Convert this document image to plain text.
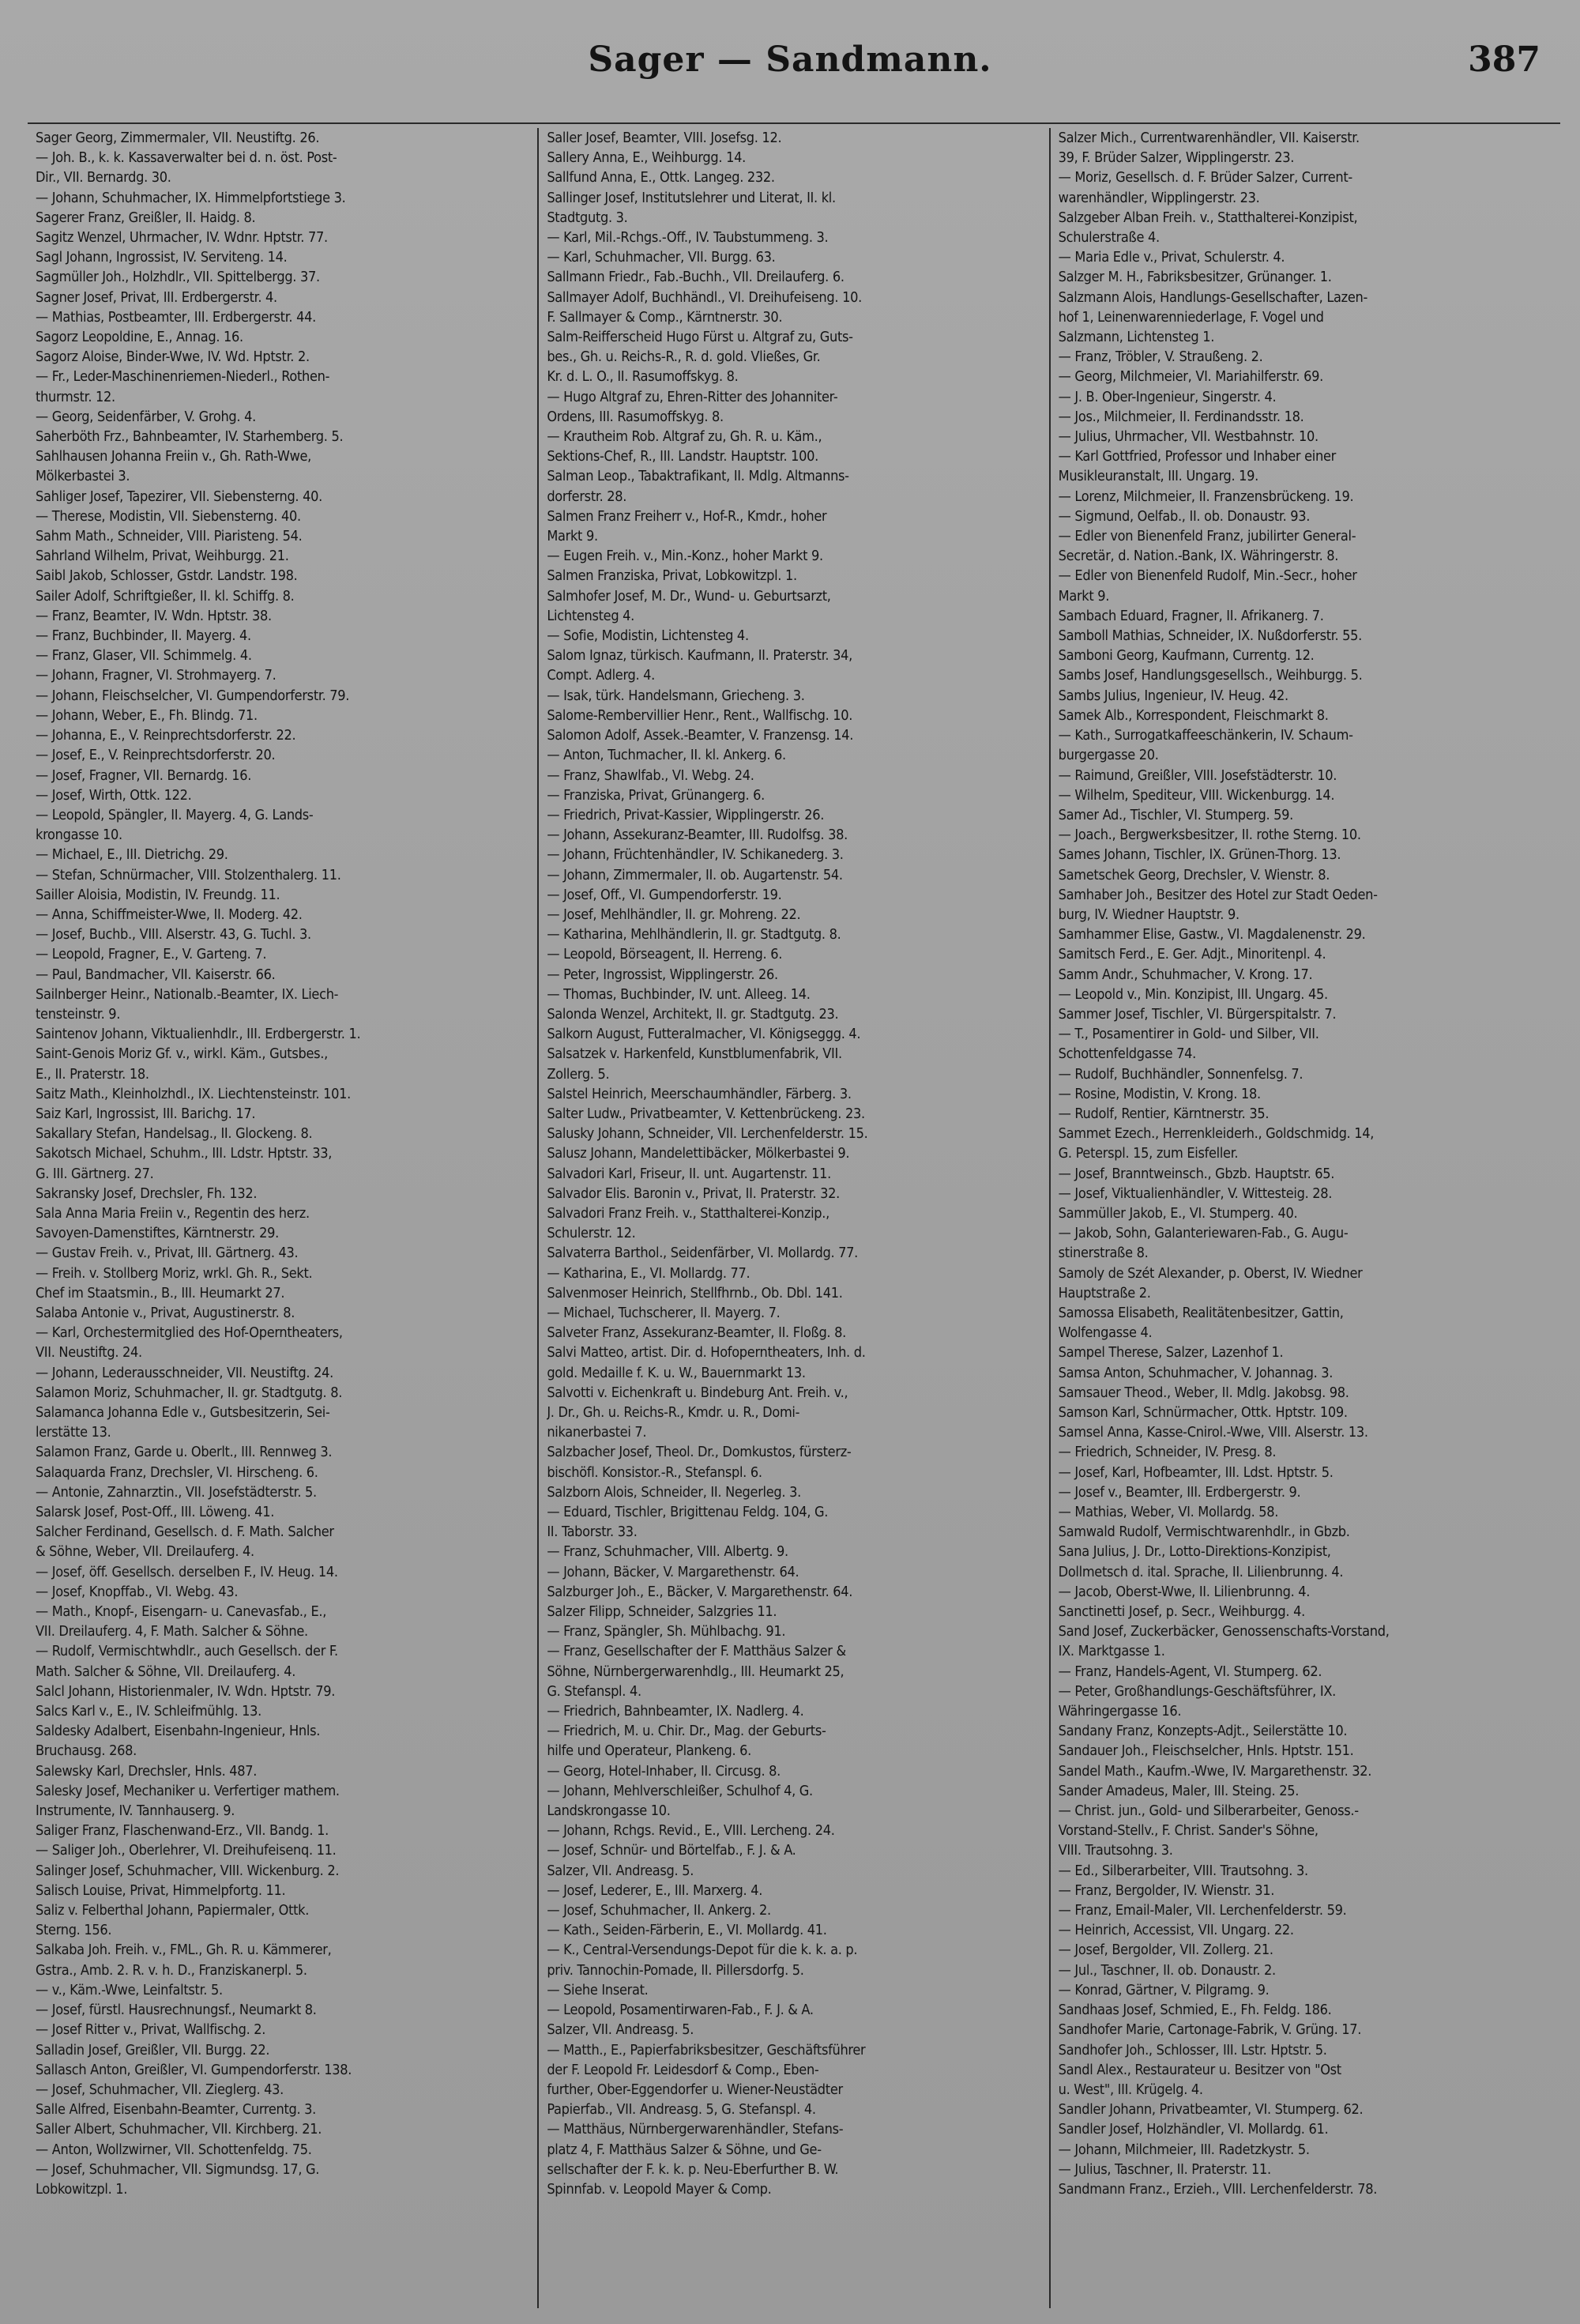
Sager — Sandmann.	387
Sager Georg, Zimmermaler, VII. Neustiftg. 26.
— Joh. B., k. k. Kassaverwalter bei d. n. öst. Post-
Dir., VII. Bernardg. 30.
— Johann, Schuhmacher, IX. Himmelpfortstiege 3.
Sagerer Franz, Greißler, II. Haidg. 8.
Sagitz Wenzel, Uhrmacher, IV. Wdnr. Hptstr. 77.
Sagl Johann, Ingrossist, IV. Serviteng. 14.
Sagmüller Joh., Holzhdlr., VII. Spittelbergg. 37.
Sagner Josef, Privat, III. Erdbergerstr. 4.
— Mathias, Postbeamter, III. Erdbergerstr. 44.
Sagorz Leopoldine, E., Annag. 16.
Sagorz Aloise, Binder-Wwe, IV. Wd. Hptstr. 2.
— Fr., Leder-Maschinenriemen-Niederl., Rothen-
thurmstr. 12.
— Georg, Seidenfärber, V. Grohg. 4.
Saherböth Frz., Bahnbeamter, IV. Starhemberg. 5.
Sahlhausen Johanna Freiin v., Gh. Rath-Wwe,
Mölkerbastei 3.
Sahliger Josef, Tapezirer, VII. Siebensterng. 40.
— Therese, Modistin, VII. Siebensterng. 40.
Sahm Math., Schneider, VIII. Piaristeng. 54.
Sahrland Wilhelm, Privat, Weihburgg. 21.
Saibl Jakob, Schlosser, Gstdr. Landstr. 198.
Sailer Adolf, Schriftgießer, II. kl. Schiffg. 8.
— Franz, Beamter, IV. Wdn. Hptstr. 38.
— Franz, Buchbinder, II. Mayerg. 4.
— Franz, Glaser, VII. Schimmelg. 4.
— Johann, Fragner, VI. Strohmayerg. 7.
— Johann, Fleischselcher, VI. Gumpendorferstr. 79.
— Johann, Weber, E., Fh. Blindg. 71.
— Johanna, E., V. Reinprechtsdorferstr. 22.
— Josef, E., V. Reinprechtsdorferstr. 20.
— Josef, Fragner, VII. Bernardg. 16.
— Josef, Wirth, Ottk. 122.
— Leopold, Spängler, II. Mayerg. 4, G. Lands-
krongasse 10.
— Michael, E., III. Dietrichg. 29.
— Stefan, Schnürmacher, VIII. Stolzenthalerg. 11.
Sailler Aloisia, Modistin, IV. Freundg. 11.
— Anna, Schiffmeister-Wwe, II. Moderg. 42.
— Josef, Buchb., VIII. Alserstr. 43, G. Tuchl. 3.
— Leopold, Fragner, E., V. Garteng. 7.
— Paul, Bandmacher, VII. Kaiserstr. 66.
Sailnberger Heinr., Nationalb.-Beamter, IX. Liech-
tensteinstr. 9.
Saintenov Johann, Viktualienhdlr., III. Erdbergerstr. 1.
Saint-Genois Moriz Gf. v., wirkl. Käm., Gutsbes.,
E., II. Praterstr. 18.
Saitz Math., Kleinholzhdl., IX. Liechtensteinstr. 101.
Saiz Karl, Ingrossist, III. Barichg. 17.
Sakallary Stefan, Handelsag., II. Glockeng. 8.
Sakotsch Michael, Schuhm., III. Ldstr. Hptstr. 33,
G. III. Gärtnerg. 27.
Sakransky Josef, Drechsler, Fh. 132.
Sala Anna Maria Freiin v., Regentin des herz.
Savoyen-Damenstiftes, Kärntnerstr. 29.
— Gustav Freih. v., Privat, III. Gärtnerg. 43.
— Freih. v. Stollberg Moriz, wrkl. Gh. R., Sekt.
Chef im Staatsmin., B., III. Heumarkt 27.
Salaba Antonie v., Privat, Augustinerstr. 8.
— Karl, Orchestermitglied des Hof-Operntheaters,
VII. Neustiftg. 24.
— Johann, Lederausschneider, VII. Neustiftg. 24.
Salamon Moriz, Schuhmacher, II. gr. Stadtgutg. 8.
Salamanca Johanna Edle v., Gutsbesitzerin, Sei-
lerstätte 13.
Salamon Franz, Garde u. Oberlt., III. Rennweg 3.
Salaquarda Franz, Drechsler, VI. Hirscheng. 6.
— Antonie, Zahnarztin., VII. Josefstädterstr. 5.
Salarsk Josef, Post-Off., III. Löweng. 41.
Salcher Ferdinand, Gesellsch. d. F. Math. Salcher
& Söhne, Weber, VII. Dreilauferg. 4.
— Josef, öff. Gesellsch. derselben F., IV. Heug. 14.
— Josef, Knopffab., VI. Webg. 43.
— Math., Knopf-, Eisengarn- u. Canevasfab., E.,
VII. Dreilauferg. 4, F. Math. Salcher & Söhne.
— Rudolf, Vermischtwhdlr., auch Gesellsch. der F.
Math. Salcher & Söhne, VII. Dreilauferg. 4.
Salcl Johann, Historienmaler, IV. Wdn. Hptstr. 79.
Salcs Karl v., E., IV. Schleifmühlg. 13.
Saldesky Adalbert, Eisenbahn-Ingenieur, Hnls.
Bruchausg. 268.
Salewsky Karl, Drechsler, Hnls. 487.
Salesky Josef, Mechaniker u. Verfertiger mathem.
Instrumente, IV. Tannhauserg. 9.
Saliger Franz, Flaschenwand-Erz., VII. Bandg. 1.
— Saliger Joh., Oberlehrer, VI. Dreihufeisenq. 11.
Salinger Josef, Schuhmacher, VIII. Wickenburg. 2.
Salisch Louise, Privat, Himmelpfortg. 11.
Saliz v. Felberthal Johann, Papiermaler, Ottk.
Sterng. 156.
Salkaba Joh. Freih. v., FML., Gh. R. u. Kämmerer,
Gstra., Amb. 2. R. v. h. D., Franziskanerpl. 5.
— v., Käm.-Wwe, Leinfaltstr. 5.
— Josef, fürstl. Hausrechnungsf., Neumarkt 8.
— Josef Ritter v., Privat, Wallfischg. 2.
Salladin Josef, Greißler, VII. Burgg. 22.
Sallasch Anton, Greißler, VI. Gumpendorferstr. 138.
— Josef, Schuhmacher, VII. Zieglerg. 43.
Salle Alfred, Eisenbahn-Beamter, Currentg. 3.
Saller Albert, Schuhmacher, VII. Kirchberg. 21.
— Anton, Wollzwirner, VII. Schottenfeldg. 75.
— Josef, Schuhmacher, VII. Sigmundsg. 17, G.
Lobkowitzpl. 1.
Saller Josef, Beamter, VIII. Josefsg. 12.
Sallery Anna, E., Weihburgg. 14.
Sallfund Anna, E., Ottk. Langeg. 232.
Sallinger Josef, Institutslehrer und Literat, II. kl.
Stadtgutg. 3.
— Karl, Mil.-Rchgs.-Off., IV. Taubstummeng. 3.
— Karl, Schuhmacher, VII. Burgg. 63.
Sallmann Friedr., Fab.-Buchh., VII. Dreilauferg. 6.
Sallmayer Adolf, Buchhändl., VI. Dreihufeiseng. 10.
F. Sallmayer & Comp., Kärntnerstr. 30.
Salm-Reifferscheid Hugo Fürst u. Altgraf zu, Guts-
bes., Gh. u. Reichs-R., R. d. gold. Vließes, Gr.
Kr. d. L. O., II. Rasumoffskyg. 8.
— Hugo Altgraf zu, Ehren-Ritter des Johanniter-
Ordens, III. Rasumoffskyg. 8.
— Krautheim Rob. Altgraf zu, Gh. R. u. Käm.,
Sektions-Chef, R., III. Landstr. Hauptstr. 100.
Salman Leop., Tabaktrafikant, II. Mdlg. Altmanns-
dorferstr. 28.
Salmen Franz Freiherr v., Hof-R., Kmdr., hoher
Markt 9.
— Eugen Freih. v., Min.-Konz., hoher Markt 9.
Salmen Franziska, Privat, Lobkowitzpl. 1.
Salmhofer Josef, M. Dr., Wund- u. Geburtsarzt,
Lichtensteg 4.
— Sofie, Modistin, Lichtensteg 4.
Salom Ignaz, türkisch. Kaufmann, II. Praterstr. 34,
Compt. Adlerg. 4.
— Isak, türk. Handelsmann, Griecheng. 3.
Salome-Rembervillier Henr., Rent., Wallfischg. 10.
Salomon Adolf, Assek.-Beamter, V. Franzensg. 14.
— Anton, Tuchmacher, II. kl. Ankerg. 6.
— Franz, Shawlfab., VI. Webg. 24.
— Franziska, Privat, Grünangerg. 6.
— Friedrich, Privat-Kassier, Wipplingerstr. 26.
— Johann, Assekuranz-Beamter, III. Rudolfsg. 38.
— Johann, Früchtenhändler, IV. Schikanederg. 3.
— Johann, Zimmermaler, II. ob. Augartenstr. 54.
— Josef, Off., VI. Gumpendorferstr. 19.
— Josef, Mehlhändler, II. gr. Mohreng. 22.
— Katharina, Mehlhändlerin, II. gr. Stadtgutg. 8.
— Leopold, Börseagent, II. Herreng. 6.
— Peter, Ingrossist, Wipplingerstr. 26.
— Thomas, Buchbinder, IV. unt. Alleeg. 14.
Salonda Wenzel, Architekt, II. gr. Stadtgutg. 23.
Salkorn August, Futteralmacher, VI. Königseggg. 4.
Salsatzek v. Harkenfeld, Kunstblumenfabrik, VII.
Zollerg. 5.
Salstel Heinrich, Meerschaumhändler, Färberg. 3.
Salter Ludw., Privatbeamter, V. Kettenbrückeng. 23.
Salusky Johann, Schneider, VII. Lerchenfelderstr. 15.
Salusz Johann, Mandelettibäcker, Mölkerbastei 9.
Salvadori Karl, Friseur, II. unt. Augartenstr. 11.
Salvador Elis. Baronin v., Privat, II. Praterstr. 32.
Salvadori Franz Freih. v., Statthalterei-Konzip.,
Schulerstr. 12.
Salvaterra Barthol., Seidenfärber, VI. Mollardg. 77.
— Katharina, E., VI. Mollardg. 77.
Salvenmoser Heinrich, Stellfhrnb., Ob. Dbl. 141.
— Michael, Tuchscherer, II. Mayerg. 7.
Salveter Franz, Assekuranz-Beamter, II. Floßg. 8.
Salvi Matteo, artist. Dir. d. Hofoperntheaters, Inh. d.
gold. Medaille f. K. u. W., Bauernmarkt 13.
Salvotti v. Eichenkraft u. Bindeburg Ant. Freih. v.,
J. Dr., Gh. u. Reichs-R., Kmdr. u. R., Domi-
nikanerbastei 7.
Salzbacher Josef, Theol. Dr., Domkustos, fürsterz-
bischöfl. Konsistor.-R., Stefanspl. 6.
Salzborn Alois, Schneider, II. Negerleg. 3.
— Eduard, Tischler, Brigittenau Feldg. 104, G.
II. Taborstr. 33.
— Franz, Schuhmacher, VIII. Albertg. 9.
— Johann, Bäcker, V. Margarethenstr. 64.
Salzburger Joh., E., Bäcker, V. Margarethenstr. 64.
Salzer Filipp, Schneider, Salzgries 11.
— Franz, Spängler, Sh. Mühlbachg. 91.
— Franz, Gesellschafter der F. Matthäus Salzer &
Söhne, Nürnbergerwarenhdlg., III. Heumarkt 25,
G. Stefanspl. 4.
— Friedrich, Bahnbeamter, IX. Nadlerg. 4.
— Friedrich, M. u. Chir. Dr., Mag. der Geburts-
hilfe und Operateur, Plankeng. 6.
— Georg, Hotel-Inhaber, II. Circusg. 8.
— Johann, Mehlverschleißer, Schulhof 4, G.
Landskrongasse 10.
— Johann, Rchgs. Revid., E., VIII. Lercheng. 24.
— Josef, Schnür- und Börtelfab., F. J. & A.
Salzer, VII. Andreasg. 5.
— Josef, Lederer, E., III. Marxerg. 4.
— Josef, Schuhmacher, II. Ankerg. 2.
— Kath., Seiden-Färberin, E., VI. Mollardg. 41.
— K., Central-Versendungs-Depot für die k. k. a. p.
priv. Tannochin-Pomade, II. Pillersdorfg. 5.
— Siehe Inserat.
— Leopold, Posamentirwaren-Fab., F. J. & A.
Salzer, VII. Andreasg. 5.
— Matth., E., Papierfabriksbesitzer, Geschäftsführer
der F. Leopold Fr. Leidesdorf & Comp., Eben-
further, Ober-Eggendorfer u. Wiener-Neustädter
Papierfab., VII. Andreasg. 5, G. Stefanspl. 4.
— Matthäus, Nürnbergerwarenhändler, Stefans-
platz 4, F. Matthäus Salzer & Söhne, und Ge-
sellschafter der F. k. k. p. Neu-Eberfurther B. W.
Spinnfab. v. Leopold Mayer & Comp.
Salzer Mich., Currentwarenhändler, VII. Kaiserstr.
39, F. Brüder Salzer, Wipplingerstr. 23.
— Moriz, Gesellsch. d. F. Brüder Salzer, Current-
warenhändler, Wipplingerstr. 23.
Salzgeber Alban Freih. v., Statthalterei-Konzipist,
Schulerstraße 4.
— Maria Edle v., Privat, Schulerstr. 4.
Salzger M. H., Fabriksbesitzer, Grünanger. 1.
Salzmann Alois, Handlungs-Gesellschafter, Lazen-
hof 1, Leinenwarenniederlage, F. Vogel und
Salzmann, Lichtensteg 1.
— Franz, Tröbler, V. Straußeng. 2.
— Georg, Milchmeier, VI. Mariahilferstr. 69.
— J. B. Ober-Ingenieur, Singerstr. 4.
— Jos., Milchmeier, II. Ferdinandsstr. 18.
— Julius, Uhrmacher, VII. Westbahnstr. 10.
— Karl Gottfried, Professor und Inhaber einer
Musikleuranstalt, III. Ungarg. 19.
— Lorenz, Milchmeier, II. Franzensbrückeng. 19.
— Sigmund, Oelfab., II. ob. Donaustr. 93.
— Edler von Bienenfeld Franz, jubilirter General-
Secretär, d. Nation.-Bank, IX. Währingerstr. 8.
— Edler von Bienenfeld Rudolf, Min.-Secr., hoher
Markt 9.
Sambach Eduard, Fragner, II. Afrikanerg. 7.
Samboll Mathias, Schneider, IX. Nußdorferstr. 55.
Samboni Georg, Kaufmann, Currentg. 12.
Sambs Josef, Handlungsgesellsch., Weihburgg. 5.
Sambs Julius, Ingenieur, IV. Heug. 42.
Samek Alb., Korrespondent, Fleischmarkt 8.
— Kath., Surrogatkaffeeschänkerin, IV. Schaum-
burgergasse 20.
— Raimund, Greißler, VIII. Josefstädterstr. 10.
— Wilhelm, Spediteur, VIII. Wickenburgg. 14.
Samer Ad., Tischler, VI. Stumperg. 59.
— Joach., Bergwerksbesitzer, II. rothe Sterng. 10.
Sames Johann, Tischler, IX. Grünen-Thorg. 13.
Sametschek Georg, Drechsler, V. Wienstr. 8.
Samhaber Joh., Besitzer des Hotel zur Stadt Oeden-
burg, IV. Wiedner Hauptstr. 9.
Samhammer Elise, Gastw., VI. Magdalenenstr. 29.
Samitsch Ferd., E. Ger. Adjt., Minoritenpl. 4.
Samm Andr., Schuhmacher, V. Krong. 17.
— Leopold v., Min. Konzipist, III. Ungarg. 45.
Sammer Josef, Tischler, VI. Bürgerspitalstr. 7.
— T., Posamentirer in Gold- und Silber, VII.
Schottenfeldgasse 74.
— Rudolf, Buchhändler, Sonnenfelsg. 7.
— Rosine, Modistin, V. Krong. 18.
— Rudolf, Rentier, Kärntnerstr. 35.
Sammet Ezech., Herrenkleiderh., Goldschmidg. 14,
G. Peterspl. 15, zum Eisfeller.
— Josef, Branntweinsch., Gbzb. Hauptstr. 65.
— Josef, Viktualienhändler, V. Wittesteig. 28.
Sammüller Jakob, E., VI. Stumperg. 40.
— Jakob, Sohn, Galanteriewaren-Fab., G. Augu-
stinerstraße 8.
Samoly de Szét Alexander, p. Oberst, IV. Wiedner
Hauptstraße 2.
Samossa Elisabeth, Realitätenbesitzer, Gattin,
Wolfengasse 4.
Sampel Therese, Salzer, Lazenhof 1.
Samsa Anton, Schuhmacher, V. Johannag. 3.
Samsauer Theod., Weber, II. Mdlg. Jakobsg. 98.
Samson Karl, Schnürmacher, Ottk. Hptstr. 109.
Samsel Anna, Kasse-Cnirol.-Wwe, VIII. Alserstr. 13.
— Friedrich, Schneider, IV. Presg. 8.
— Josef, Karl, Hofbeamter, III. Ldst. Hptstr. 5.
— Josef v., Beamter, III. Erdbergerstr. 9.
— Mathias, Weber, VI. Mollardg. 58.
Samwald Rudolf, Vermischtwarenhdlr., in Gbzb.
Sana Julius, J. Dr., Lotto-Direktions-Konzipist,
Dollmetsch d. ital. Sprache, II. Lilienbrunng. 4.
— Jacob, Oberst-Wwe, II. Lilienbrunng. 4.
Sanctinetti Josef, p. Secr., Weihburgg. 4.
Sand Josef, Zuckerbäcker, Genossenschafts-Vorstand,
IX. Marktgasse 1.
— Franz, Handels-Agent, VI. Stumperg. 62.
— Peter, Großhandlungs-Geschäftsführer, IX.
Währingergasse 16.
Sandany Franz, Konzepts-Adjt., Seilerstätte 10.
Sandauer Joh., Fleischselcher, Hnls. Hptstr. 151.
Sandel Math., Kaufm.-Wwe, IV. Margarethenstr. 32.
Sander Amadeus, Maler, III. Steing. 25.
— Christ. jun., Gold- und Silberarbeiter, Genoss.-
Vorstand-Stellv., F. Christ. Sander's Söhne,
VIII. Trautsohng. 3.
— Ed., Silberarbeiter, VIII. Trautsohng. 3.
— Franz, Bergolder, IV. Wienstr. 31.
— Franz, Email-Maler, VII. Lerchenfelderstr. 59.
— Heinrich, Accessist, VII. Ungarg. 22.
— Josef, Bergolder, VII. Zollerg. 21.
— Jul., Taschner, II. ob. Donaustr. 2.
— Konrad, Gärtner, V. Pilgramg. 9.
Sandhaas Josef, Schmied, E., Fh. Feldg. 186.
Sandhofer Marie, Cartonage-Fabrik, V. Grüng. 17.
Sandhofer Joh., Schlosser, III. Lstr. Hptstr. 5.
Sandl Alex., Restaurateur u. Besitzer von "Ost
u. West", III. Krügelg. 4.
Sandler Johann, Privatbeamter, VI. Stumperg. 62.
Sandler Josef, Holzhändler, VI. Mollardg. 61.
— Johann, Milchmeier, III. Radetzkystr. 5.
— Julius, Taschner, II. Praterstr. 11.
Sandmann Franz., Erzieh., VIII. Lerchenfelderstr. 78.
